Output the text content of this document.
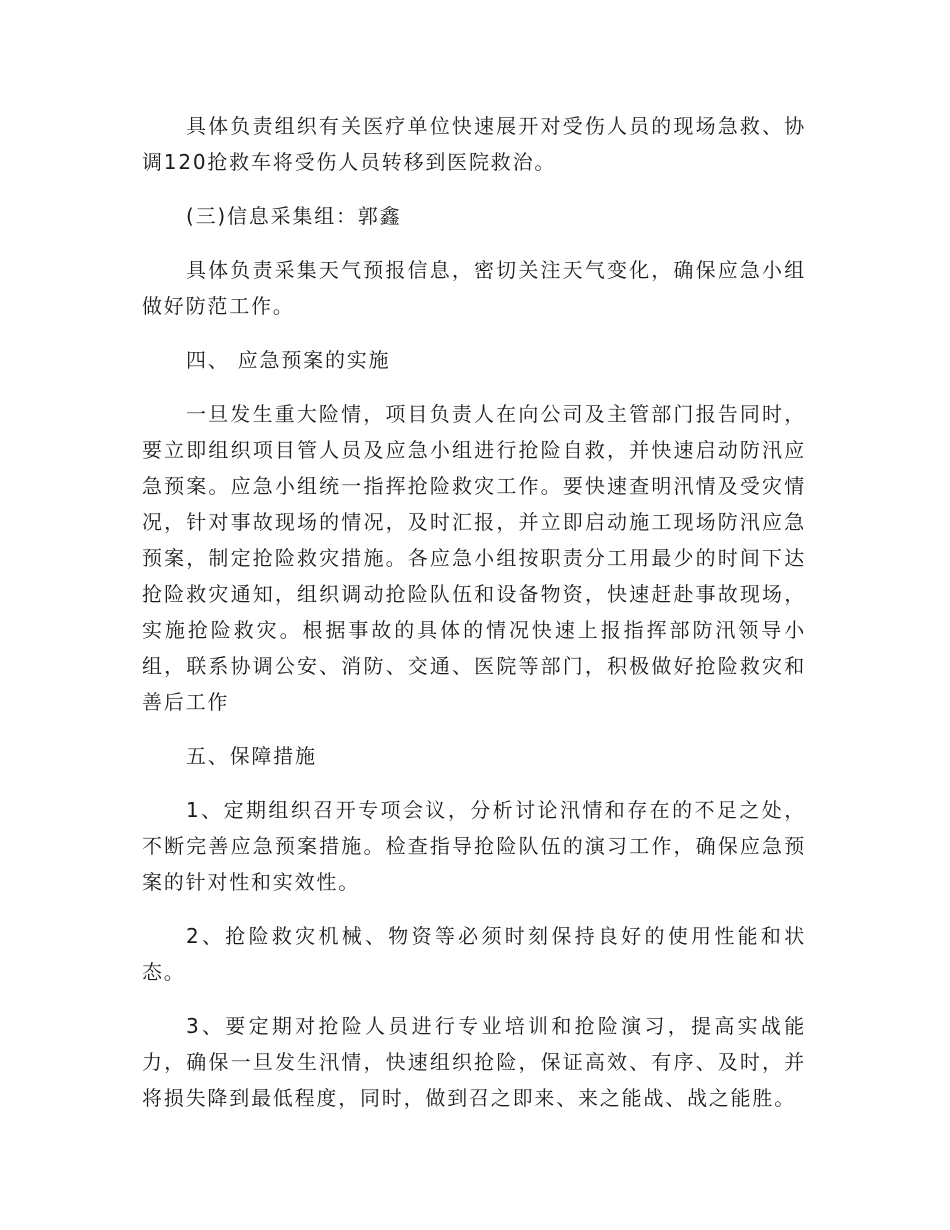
具体负责组织有关医疗单位快速展开对受伤人员的现场急救、协调120抢救车将受伤人员转移到医院救治。

(三)信息采集组：郭鑫

具体负责采集天气预报信息，密切关注天气变化，确保应急小组做好防范工作。

四、 应急预案的实施

一旦发生重大险情，项目负责人在向公司及主管部门报告同时，要立即组织项目管人员及应急小组进行抢险自救，并快速启动防汛应急预案。应急小组统一指挥抢险救灾工作。要快速查明汛情及受灾情况，针对事故现场的情况，及时汇报，并立即启动施工现场防汛应急预案，制定抢险救灾措施。各应急小组按职责分工用最少的时间下达抢险救灾通知，组织调动抢险队伍和设备物资，快速赶赴事故现场，实施抢险救灾。根据事故的具体的情况快速上报指挥部防汛领导小组，联系协调公安、消防、交通、医院等部门，积极做好抢险救灾和善后工作

五、保障措施

1、定期组织召开专项会议，分析讨论汛情和存在的不足之处，不断完善应急预案措施。检查指导抢险队伍的演习工作，确保应急预案的针对性和实效性。

2、抢险救灾机械、物资等必须时刻保持良好的使用性能和状态。

3、要定期对抢险人员进行专业培训和抢险演习，提高实战能力，确保一旦发生汛情，快速组织抢险，保证高效、有序、及时，并将损失降到最低程度，同时，做到召之即来、来之能战、战之能胜。
